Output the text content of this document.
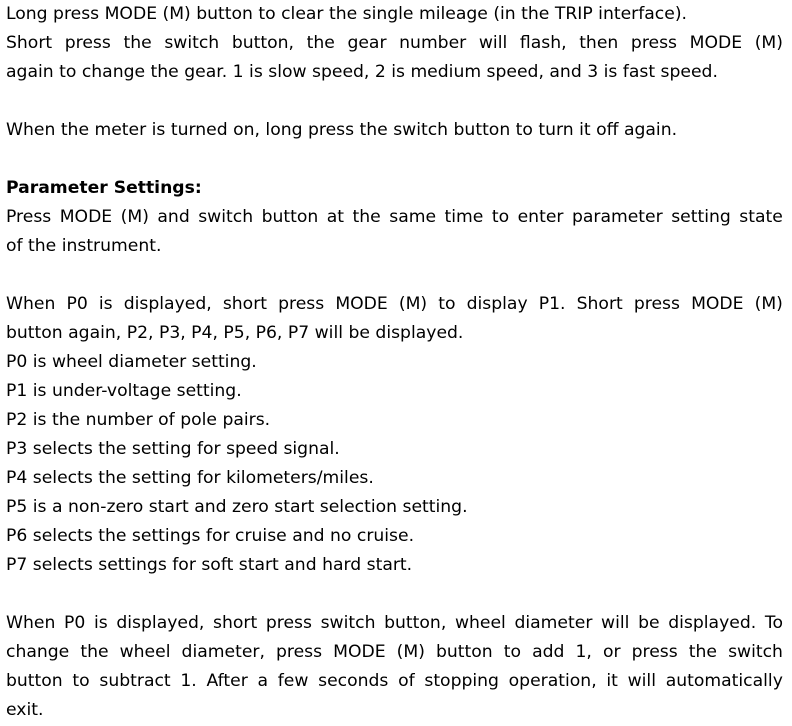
Long press MODE (M) button to clear the single mileage (in the TRIP interface).
Short press the switch button, the gear number will flash, then press MODE (M)
again to change the gear. 1 is slow speed, 2 is medium speed, and 3 is fast speed.
When the meter is turned on, long press the switch button to turn it off again.
Parameter Settings:
Press MODE (M) and switch button at the same time to enter parameter setting state
of the instrument.
When P0 is displayed, short press MODE (M) to display P1. Short press MODE (M)
button again, P2, P3, P4, P5, P6, P7 will be displayed.
P0 is wheel diameter setting.
P1 is under-voltage setting.
P2 is the number of pole pairs.
P3 selects the setting for speed signal.
P4 selects the setting for kilometers/miles.
P5 is a non-zero start and zero start selection setting.
P6 selects the settings for cruise and no cruise.
P7 selects settings for soft start and hard start.
When P0 is displayed, short press switch button, wheel diameter will be displayed. To
change the wheel diameter, press MODE (M) button to add 1, or press the switch
button to subtract 1. After a few seconds of stopping operation, it will automatically
exit.
